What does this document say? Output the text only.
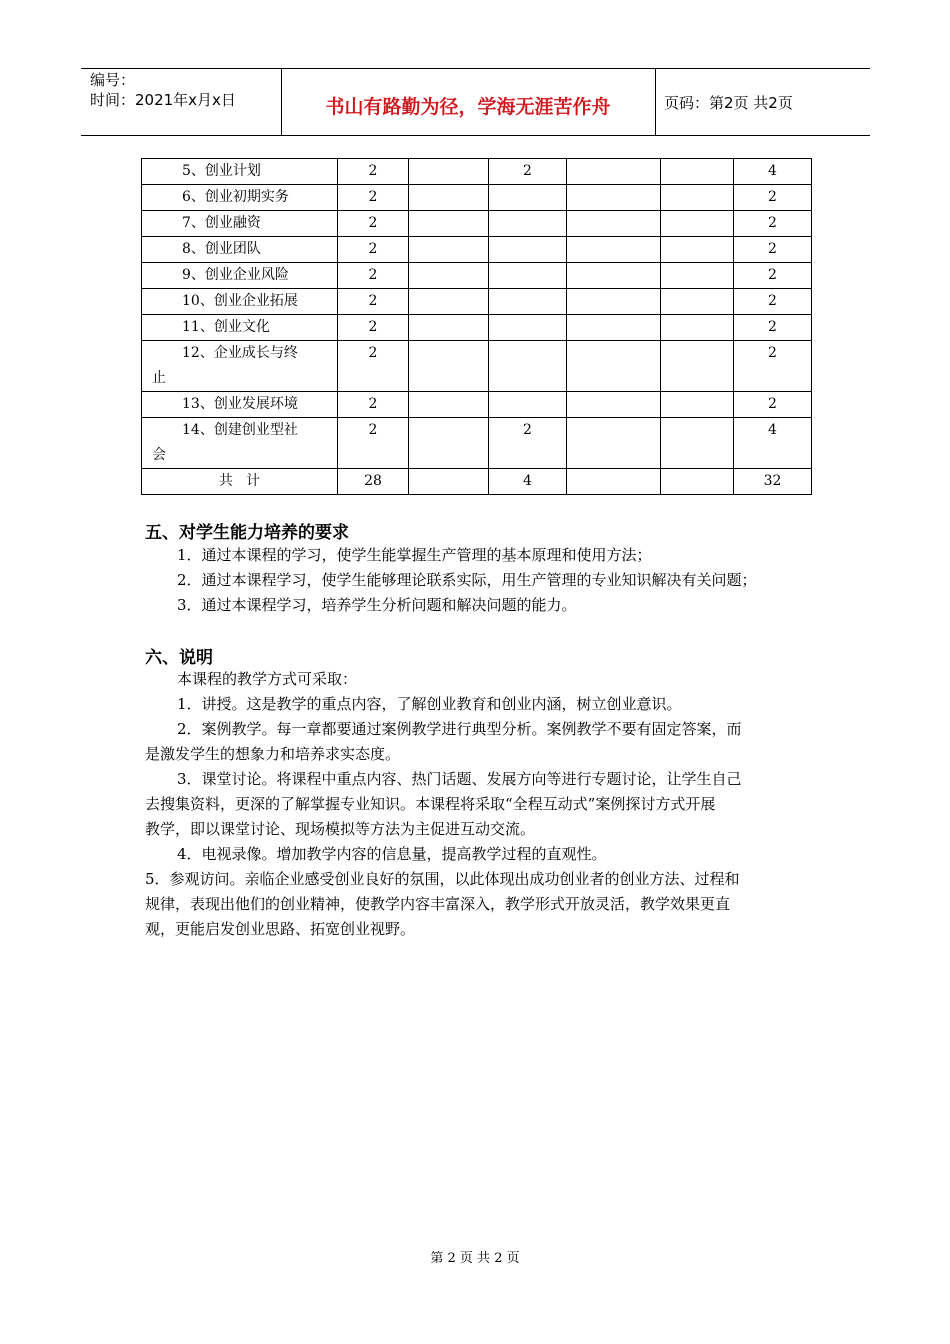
编号：
时间：2021年x月x日	书山有路勤为径，学海无涯苦作舟	页码：第2页 共2页
5、创业计划	2		2			4

6、创业初期实务	2					2

7、创业融资	2					2

8、创业团队	2					2

9、创业企业风险	2					2

10、创业企业拓展	2					2

11、创业文化	2					2

12、企业成长与终
止	2					2

13、创业发展环境	2					2

14、创建创业型社
会	2		2			4
共   计	28		4			32
五、对学生能力培养的要求
1．通过本课程的学习，使学生能掌握生产管理的基本原理和使用方法；
2．通过本课程学习，使学生能够理论联系实际，用生产管理的专业知识解决有关问题；
3．通过本课程学习，培养学生分析问题和解决问题的能力。
六、说明
本课程的教学方式可采取：
1．讲授。这是教学的重点内容，了解创业教育和创业内涵，树立创业意识。
2．案例教学。每一章都要通过案例教学进行典型分析。案例教学不要有固定答案，而
是激发学生的想象力和培养求实态度。
3．课堂讨论。将课程中重点内容、热门话题、发展方向等进行专题讨论，让学生自己
去搜集资料，更深的了解掌握专业知识。本课程将采取“全程互动式”案例探讨方式开展
教学，即以课堂讨论、现场模拟等方法为主促进互动交流。
4．电视录像。增加教学内容的信息量，提高教学过程的直观性。
5．参观访问。亲临企业感受创业良好的氛围，以此体现出成功创业者的创业方法、过程和
规律，表现出他们的创业精神，使教学内容丰富深入，教学形式开放灵活，教学效果更直
观，更能启发创业思路、拓宽创业视野。
第 2 页 共 2 页
